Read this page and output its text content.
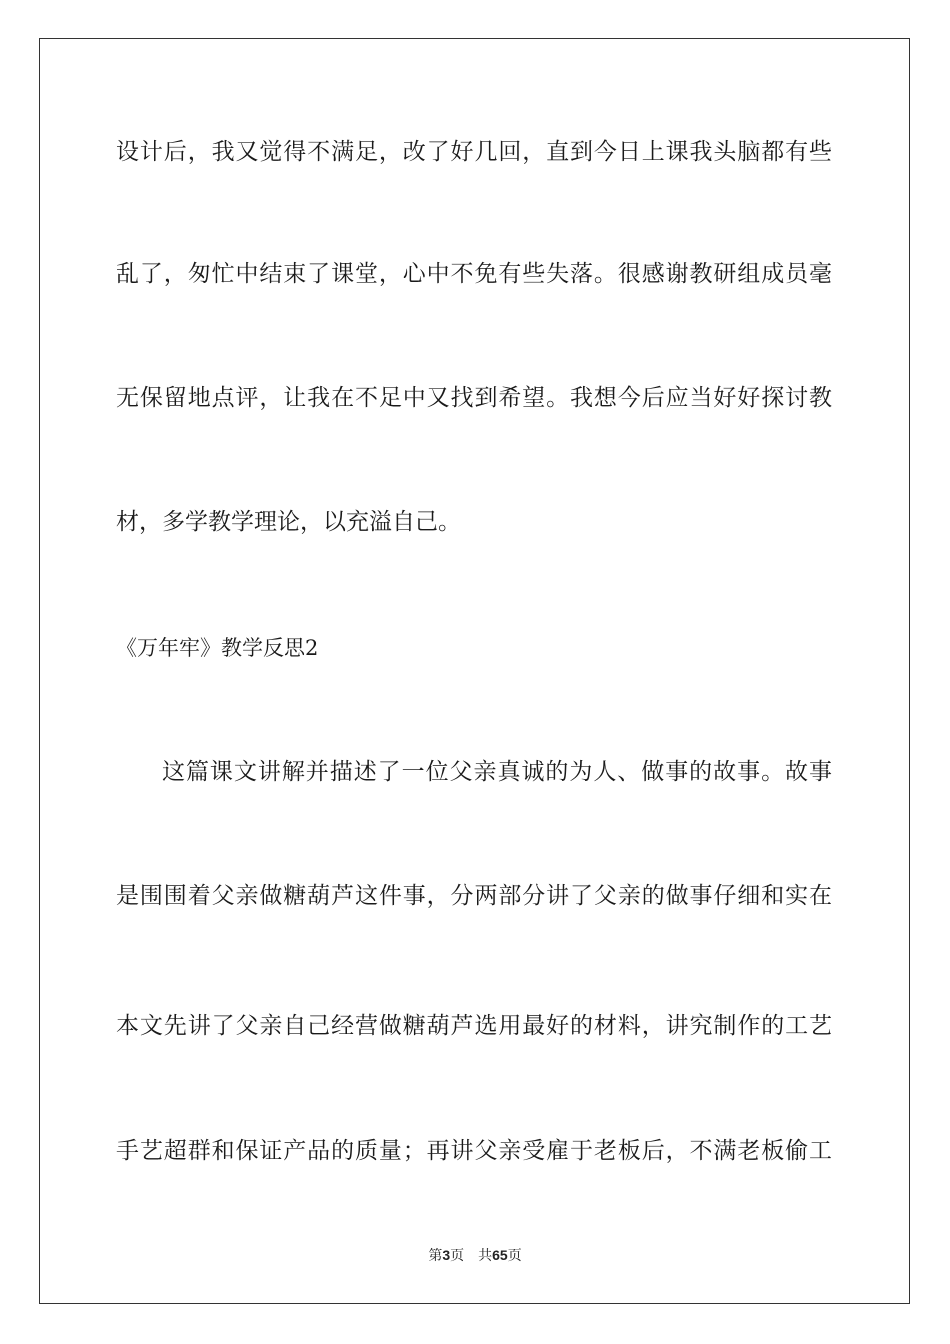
设计后，我又觉得不满足，改了好几回，直到今日上课我头脑都有些
乱了，匆忙中结束了课堂，心中不免有些失落。很感谢教研组成员毫
无保留地点评，让我在不足中又找到希望。我想今后应当好好探讨教
材，多学教学理论，以充溢自己。
《万年牢》教学反思2
这篇课文讲解并描述了一位父亲真诚的为人、做事的故事。故事
是围围着父亲做糖葫芦这件事，分两部分讲了父亲的做事仔细和实在
本文先讲了父亲自己经营做糖葫芦选用最好的材料，讲究制作的工艺
手艺超群和保证产品的质量；再讲父亲受雇于老板后，不满老板偷工
第3页　共65页
